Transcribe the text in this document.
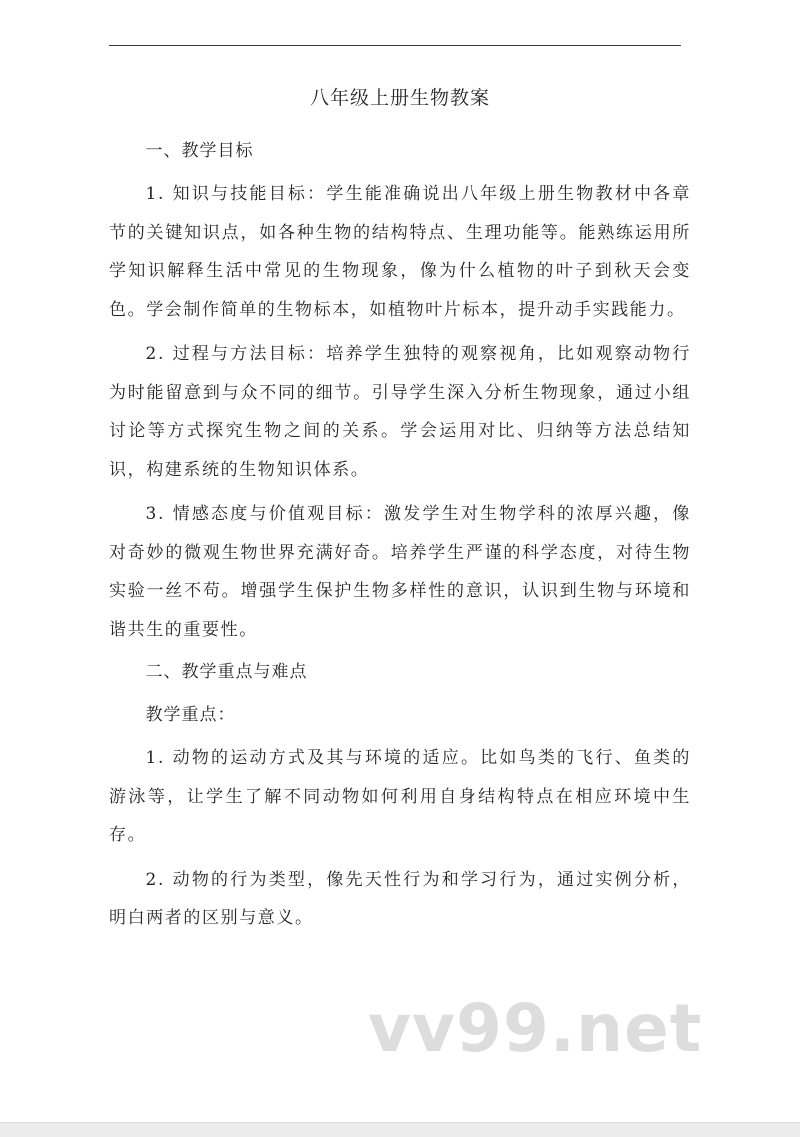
八年级上册生物教案

一、教学目标

1. 知识与技能目标：学生能准确说出八年级上册生物教材中各章节的关键知识点，如各种生物的结构特点、生理功能等。能熟练运用所学知识解释生活中常见的生物现象，像为什么植物的叶子到秋天会变色。学会制作简单的生物标本，如植物叶片标本，提升动手实践能力。

2. 过程与方法目标：培养学生独特的观察视角，比如观察动物行为时能留意到与众不同的细节。引导学生深入分析生物现象，通过小组讨论等方式探究生物之间的关系。学会运用对比、归纳等方法总结知识，构建系统的生物知识体系。

3. 情感态度与价值观目标：激发学生对生物学科的浓厚兴趣，像对奇妙的微观生物世界充满好奇。培养学生严谨的科学态度，对待生物实验一丝不苟。增强学生保护生物多样性的意识，认识到生物与环境和谐共生的重要性。

二、教学重点与难点

教学重点：

1. 动物的运动方式及其与环境的适应。比如鸟类的飞行、鱼类的游泳等，让学生了解不同动物如何利用自身结构特点在相应环境中生存。

2. 动物的行为类型，像先天性行为和学习行为，通过实例分析，明白两者的区别与意义。

vv99.net
